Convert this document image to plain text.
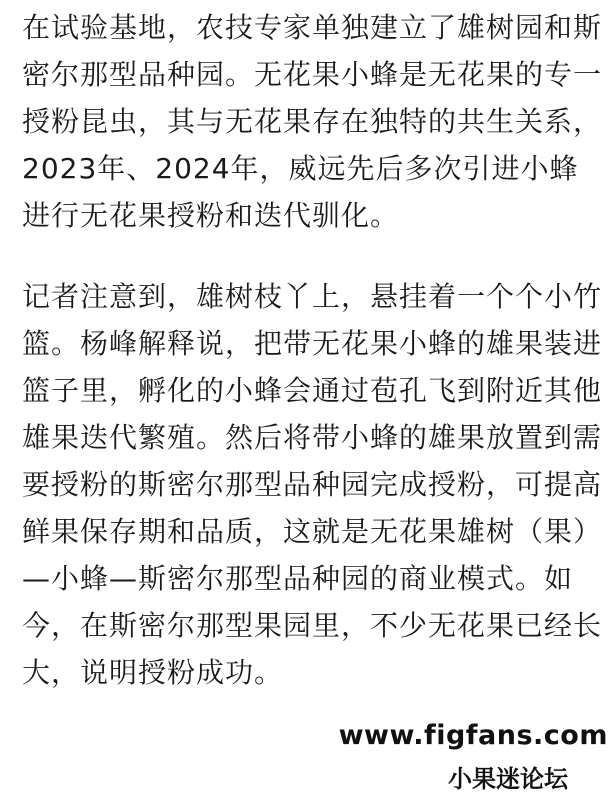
在试验基地，农技专家单独建立了雄树园和斯密尔那型品种园。无花果小蜂是无花果的专一授粉昆虫，其与无花果存在独特的共生关系，2023年、2024年，威远先后多次引进小蜂进行无花果授粉和迭代驯化。

记者注意到，雄树枝丫上，悬挂着一个个小竹篮。杨峰解释说，把带无花果小蜂的雄果装进篮子里，孵化的小蜂会通过苞孔飞到附近其他雄果迭代繁殖。然后将带小蜂的雄果放置到需要授粉的斯密尔那型品种园完成授粉，可提高鲜果保存期和品质，这就是无花果雄树（果）—小蜂—斯密尔那型品种园的商业模式。如今，在斯密尔那型果园里，不少无花果已经长大，说明授粉成功。

www.figfans.com
小果迷论坛
